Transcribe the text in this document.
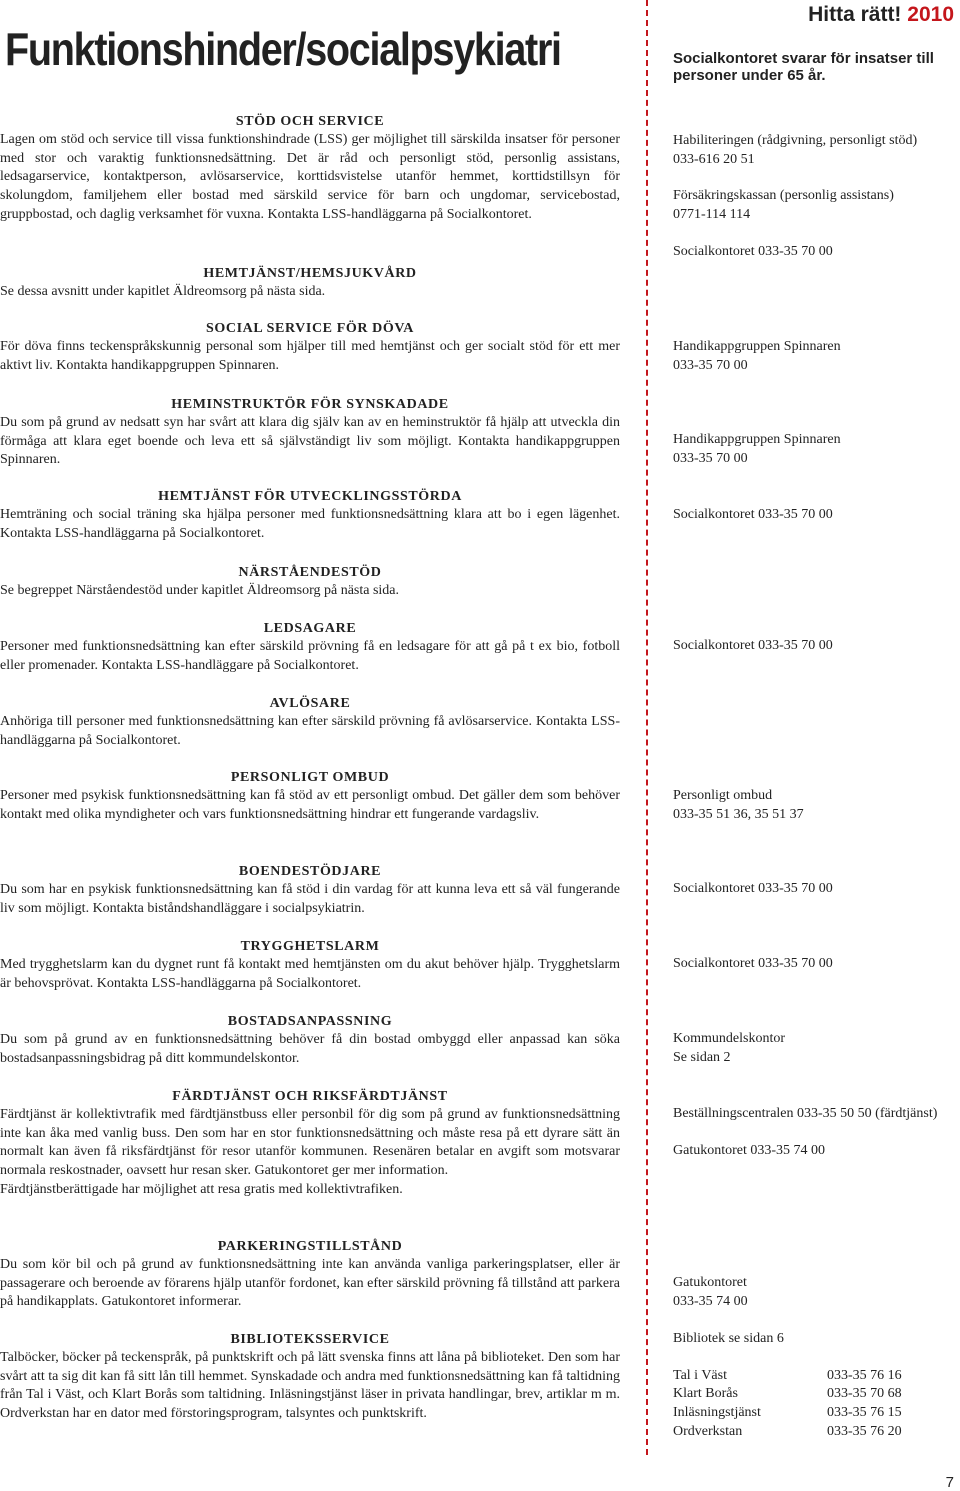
Funktionshinder/socialpsykiatri
Hitta rätt! 2010
Socialkontoret svarar för insatser till personer under 65 år.
STÖD OCH SERVICE

Lagen om stöd och service till vissa funktionshindrade (LSS) ger möjlighet till särskilda insatser för personer med stor och varaktig funktionsnedsättning. Det är råd och personligt stöd, personlig assistans, ledsagarservice, kontaktperson, avlösarservice, korttidsvistelse utanför hemmet, korttidstillsyn för skolungdom, familjehem eller bostad med särskild service för barn och ungdomar, servicebostad, gruppbostad, och daglig verksamhet för vuxna. Kontakta LSS-handläggarna på Socialkontoret.

HEMTJÄNST/HEMSJUKVÅRD

Se dessa avsnitt under kapitlet Äldreomsorg på nästa sida.

SOCIAL SERVICE FÖR DÖVA

För döva finns teckenspråkskunnig personal som hjälper till med hemtjänst och ger socialt stöd för ett mer aktivt liv. Kontakta handikappgruppen Spinnaren.

HEMINSTRUKTÖR FÖR SYNSKADADE

Du som på grund av nedsatt syn har svårt att klara dig själv kan av en heminstruktör få hjälp att utveckla din förmåga att klara eget boende och leva ett så självständigt liv som möjligt. Kontakta handikappgruppen Spinnaren.

HEMTJÄNST FÖR UTVECKLINGSSTÖRDA

Hemträning och social träning ska hjälpa personer med funktionsnedsättning klara att bo i egen lägenhet. Kontakta LSS-handläggarna på Socialkontoret.

NÄRSTÅENDESTÖD

Se begreppet Närståendestöd under kapitlet Äldreomsorg på nästa sida.

LEDSAGARE

Personer med funktionsnedsättning kan efter särskild prövning få en ledsagare för att gå på t ex bio, fotboll eller promenader. Kontakta LSS-handläggare på Socialkontoret.

AVLÖSARE

Anhöriga till personer med funktionsnedsättning kan efter särskild prövning få avlösarservice. Kontakta LSS-handläggarna på Socialkontoret.

PERSONLIGT OMBUD

Personer med psykisk funktionsnedsättning kan få stöd av ett personligt ombud. Det gäller dem som behöver kontakt med olika myndigheter och vars funktionsnedsättning hindrar ett fungerande vardagsliv.

BOENDESTÖDJARE

Du som har en psykisk funktionsnedsättning kan få stöd i din vardag för att kunna leva ett så väl fungerande liv som möjligt. Kontakta biståndshandläggare i socialpsykiatrin.

TRYGGHETSLARM

Med trygghetslarm kan du dygnet runt få kontakt med hemtjänsten om du akut behöver hjälp. Trygghetslarm är behovsprövat. Kontakta LSS-handläggarna på Socialkontoret.

BOSTADSANPASSNING

Du som på grund av en funktionsnedsättning behöver få din bostad ombyggd eller anpassad kan söka bostadsanpassningsbidrag på ditt kommundelskontor.

FÄRDTJÄNST OCH RIKSFÄRDTJÄNST

Färdtjänst är kollektivtrafik med färdtjänstbuss eller personbil för dig som på grund av funktionsnedsättning inte kan åka med vanlig buss. Den som har en stor funktionsnedsättning och måste resa på ett dyrare sätt än normalt kan även få riksfärdtjänst för resor utanför kommunen. Resenären betalar en avgift som motsvarar normala reskostnader, oavsett hur resan sker. Gatukontoret ger mer information.

Färdtjänstberättigade har möjlighet att resa gratis med kollektivtrafiken.

PARKERINGSTILLSTÅND

Du som kör bil och på grund av funktionsnedsättning inte kan använda vanliga parkeringsplatser, eller är passagerare och beroende av förarens hjälp utanför fordonet, kan efter särskild prövning få tillstånd att parkera på handikapplats. Gatukontoret informerar.

BIBLIOTEKSSERVICE

Talböcker, böcker på teckenspråk, på punktskrift och på lätt svenska finns att låna på biblioteket. Den som har svårt att ta sig dit kan få sitt lån till hemmet. Synskadade och andra med funktionsnedsättning kan få taltidning från Tal i Väst, och Klart Borås som taltidning. Inläsningstjänst läser in privata handlingar, brev, artiklar m m. Ordverkstan har en dator med förstoringsprogram, talsyntes och punktskrift.

Habiliteringen (rådgivning, personligt stöd)

033-616 20 51

Försäkringskassan (personlig assistans)

0771-114 114

Socialkontoret 033-35 70 00

Handikappgruppen Spinnaren

033-35 70 00

Handikappgruppen Spinnaren

033-35 70 00

Socialkontoret 033-35 70 00

Socialkontoret 033-35 70 00

Personligt ombud

033-35 51 36, 35 51 37

Socialkontoret 033-35 70 00

Socialkontoret 033-35 70 00

Kommundelskontor

Se sidan 2

Beställningscentralen 033-35 50 50 (färdtjänst)

Gatukontoret 033-35 74 00

Gatukontoret

033-35 74 00

Bibliotek se sidan 6

Tal i Väst	033-35 76 16
Klart Borås	033-35 70 68
Inläsningstjänst	033-35 76 15
Ordverkstan	033-35 76 20
7
